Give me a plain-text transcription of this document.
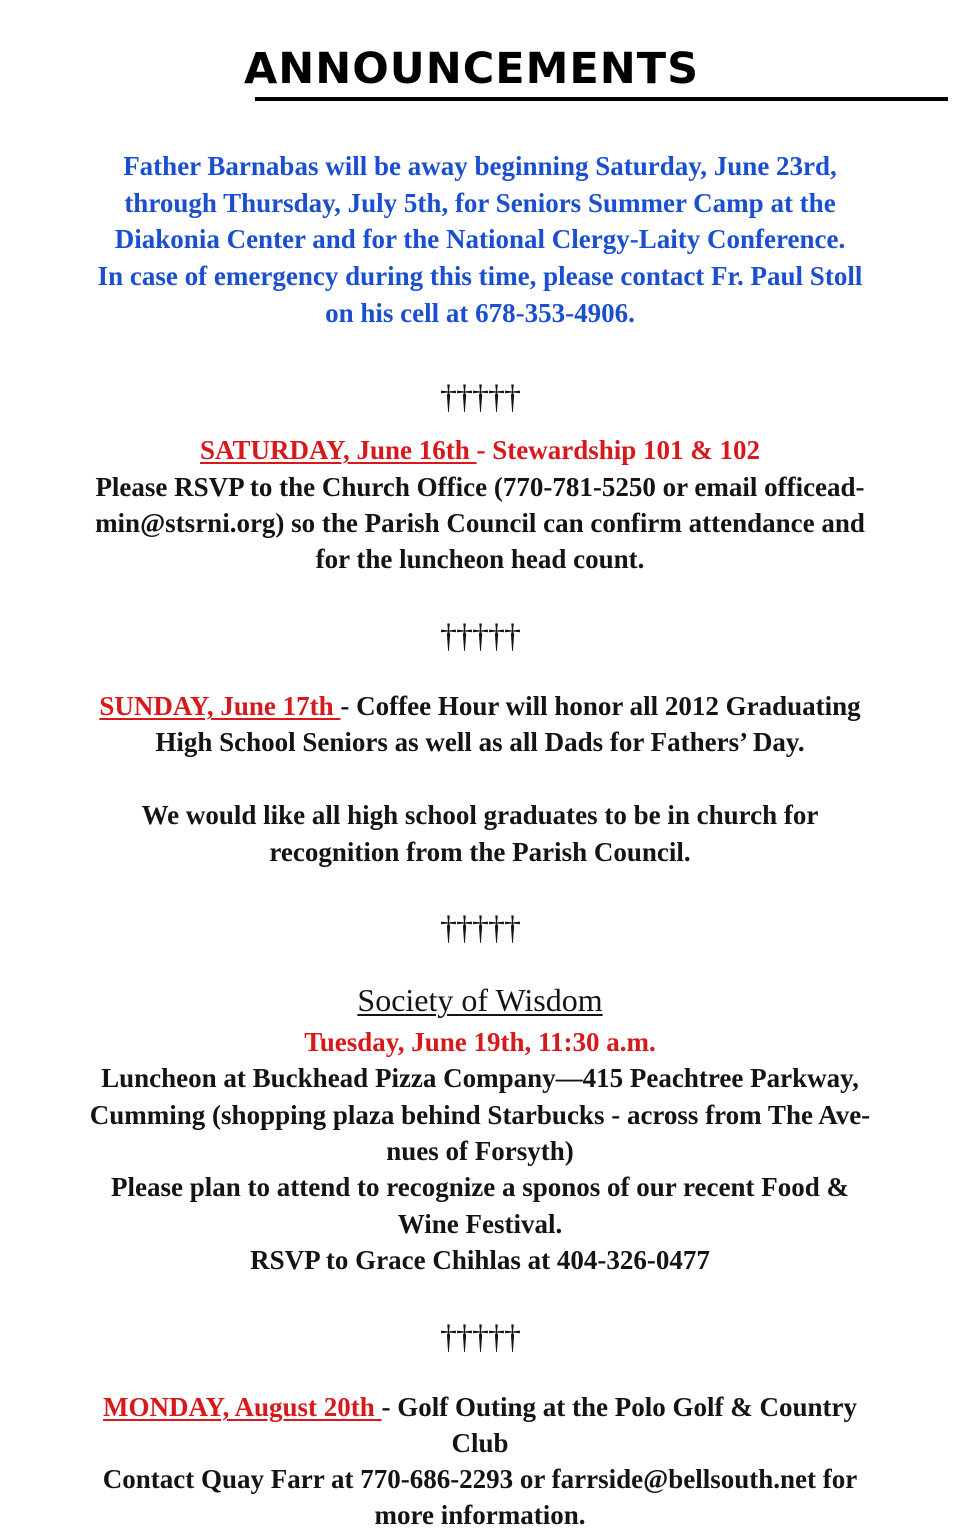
ANNOUNCEMENTS
Father Barnabas will be away beginning Saturday, June 23rd,
through Thursday, July 5th, for Seniors Summer Camp at the
Diakonia Center and for the National Clergy-Laity Conference.
In case of emergency during this time, please contact Fr. Paul Stoll
on his cell at 678-353-4906.
†††††
SATURDAY, June 16th - Stewardship 101 & 102
Please RSVP to the Church Office (770-781-5250 or email officead-
min@stsrni.org) so the Parish Council can confirm attendance and
for the luncheon head count.
†††††
SUNDAY, June 17th - Coffee Hour will honor all 2012 Graduating
High School Seniors as well as all Dads for Fathers’ Day.
We would like all high school graduates to be in church for
recognition from the Parish Council.
†††††
Society of Wisdom
Tuesday, June 19th, 11:30 a.m.
Luncheon at Buckhead Pizza Company—415 Peachtree Parkway,
Cumming (shopping plaza behind Starbucks - across from The Ave-
nues of Forsyth)
Please plan to attend to recognize a sponos of our recent Food &
Wine Festival.
RSVP to Grace Chihlas at 404-326-0477
†††††
MONDAY, August 20th - Golf Outing at the Polo Golf & Country
Club
Contact Quay Farr at 770-686-2293 or farrside@bellsouth.net for
more information.
